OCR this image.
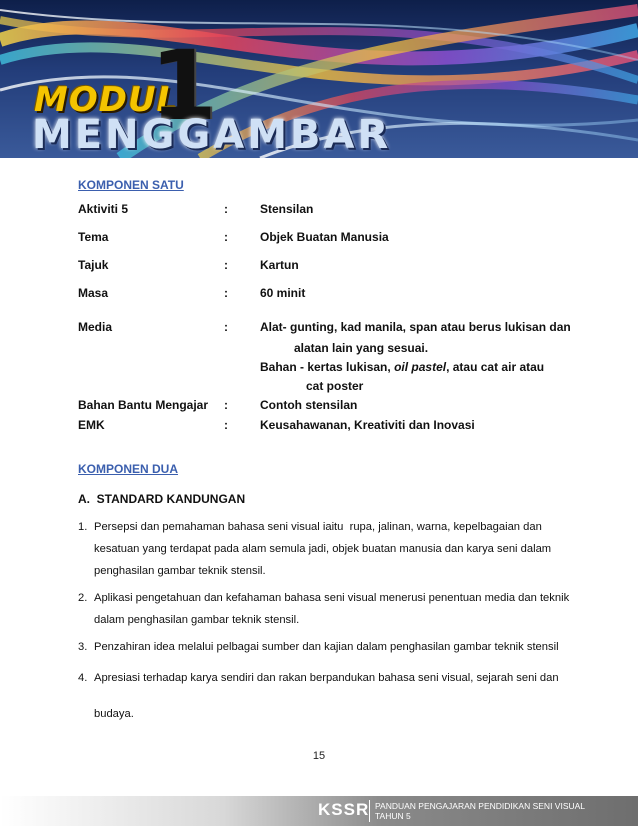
MODUL
1
MENGGAMBAR
KOMPONEN SATU
Aktiviti 5	:	Stensilan
Tema	:	Objek Buatan Manusia
Tajuk	:	Kartun
Masa	:	60 minit
Media	:	Alat- gunting, kad manila, span atau berus lukisan dan
alatan lain yang sesuai.
Bahan - kertas lukisan, oil pastel, atau cat air atau
cat poster
Bahan Bantu Mengajar :	Contoh stensilan
EMK	:	Keusahawanan, Kreativiti dan Inovasi
KOMPONEN DUA
A.  STANDARD KANDUNGAN
1. Persepsi dan pemahaman bahasa seni visual iaitu  rupa, jalinan, warna, kepelbagaian dan
kesatuan yang terdapat pada alam semula jadi, objek buatan manusia dan karya seni dalam
penghasilan gambar teknik stensil.
2. Aplikasi pengetahuan dan kefahaman bahasa seni visual menerusi penentuan media dan teknik
dalam penghasilan gambar teknik stensil.
3. Penzahiran idea melalui pelbagai sumber dan kajian dalam penghasilan gambar teknik stensil
4. Apresiasi terhadap karya sendiri dan rakan berpandukan bahasa seni visual, sejarah seni dan
budaya.
15
KSSR PANDUAN PENGAJARAN PENDIDIKAN SENI VISUAL
TAHUN 5
